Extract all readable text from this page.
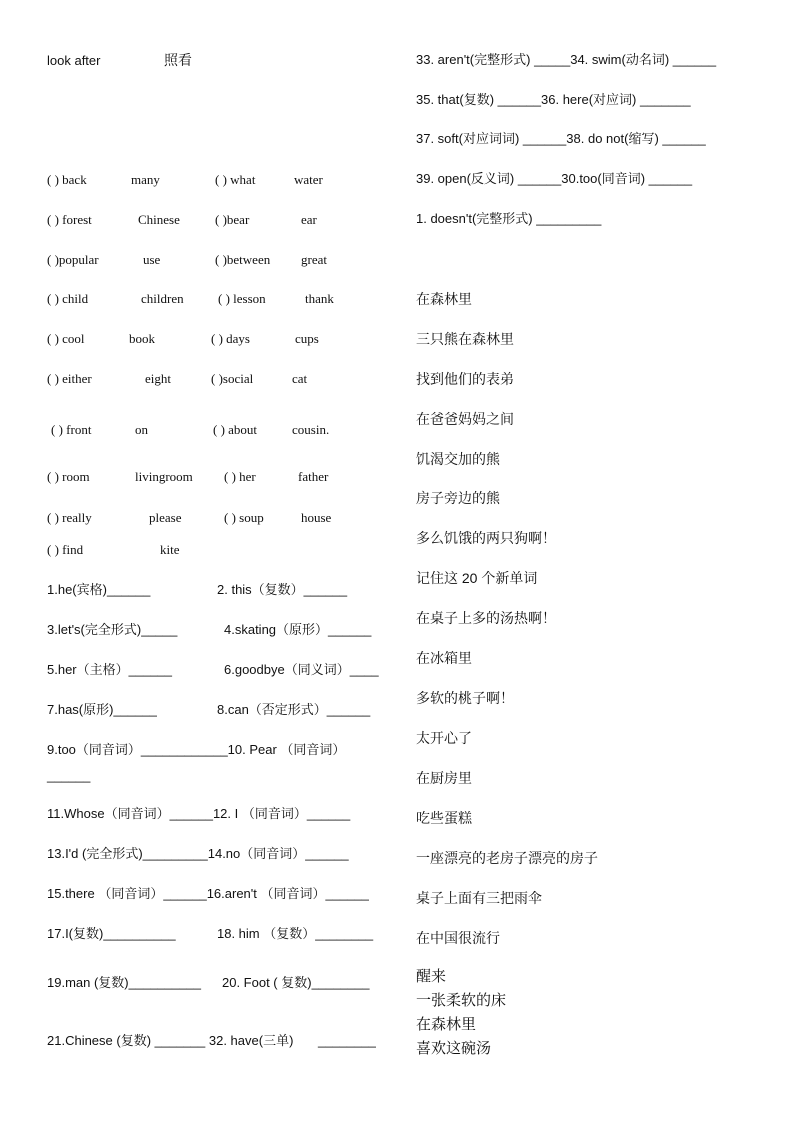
look after	照看
( ) back	many	( ) what	water
( ) forest	Chinese	( )bear	ear
( )popular	use	( )between great
( ) child	children	( ) lesson	thank
( ) cool	book	( ) days	cups
( ) either	eight	( )social	cat
( ) front	on	( ) about	cousin.
( ) room	livingroom ( ) her	father
( ) really	please	( ) soup	house
( ) find	kite
1.he(宾格)______	2. this（复数）______
3.let's(完全形式)_____	4.skating（原形）______
5.her（主格）______	6.goodbye（同义词）____
7.has(原形)______	8.can（否定形式）______
9.too（同音词）____________10. Pear （同音词）
______
11.Whose（同音词）______12. I （同音词）______
13.I'd (完全形式)_________14.no（同音词）______
15.there （同音词）______16.aren't （同音词）______
17.I(复数)__________	18. him （复数）________
19.man (复数)__________ 20. Foot ( 复数)________
21.Chinese (复数) _______ 32. have(三单) ________
33. aren't(完整形式) _____34. swim(动名词) ______
35. that(复数) ______36. here(对应词) _______
37. soft(对应词词) ______38. do not(缩写) ______
39. open(反义词) ______30.too(同音词) ______
1. doesn't(完整形式) _________
在森林里
三只熊在森林里
找到他们的表弟
在爸爸妈妈之间
饥渴交加的熊
房子旁边的熊
多么饥饿的两只狗啊！
记住这 20 个新单词
在桌子上多的汤热啊！
在冰箱里
多软的桃子啊！
太开心了
在厨房里
吃些蛋糕
一座漂亮的老房子漂亮的房子
桌子上面有三把雨伞
在中国很流行
醒来
一张柔软的床
在森林里
喜欢这碗汤
